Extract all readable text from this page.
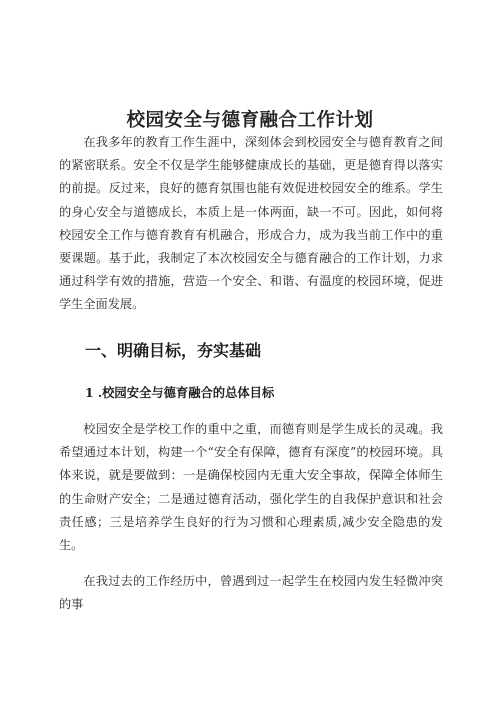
校园安全与德育融合工作计划

在我多年的教育工作生涯中，深刻体会到校园安全与德育教育之间的紧密联系。安全不仅是学生能够健康成长的基础，更是德育得以落实的前提。反过来，良好的德育氛围也能有效促进校园安全的维系。学生的身心安全与道德成长，本质上是一体两面，缺一不可。因此，如何将校园安全工作与德育教育有机融合，形成合力，成为我当前工作中的重要课题。基于此，我制定了本次校园安全与德育融合的工作计划，力求通过科学有效的措施，营造一个安全、和谐、有温度的校园环境，促进学生全面发展。

一、明确目标，夯实基础
1 .校园安全与德育融合的总体目标

校园安全是学校工作的重中之重，而德育则是学生成长的灵魂。我希望通过本计划，构建一个“安全有保障，德育有深度”的校园环境。具体来说，就是要做到：一是确保校园内无重大安全事故，保障全体师生的生命财产安全；二是通过德育活动，强化学生的自我保护意识和社会责任感；三是培养学生良好的行为习惯和心理素质,减少安全隐患的发生。

在我过去的工作经历中，曾遇到过一起学生在校园内发生轻微冲突的事
